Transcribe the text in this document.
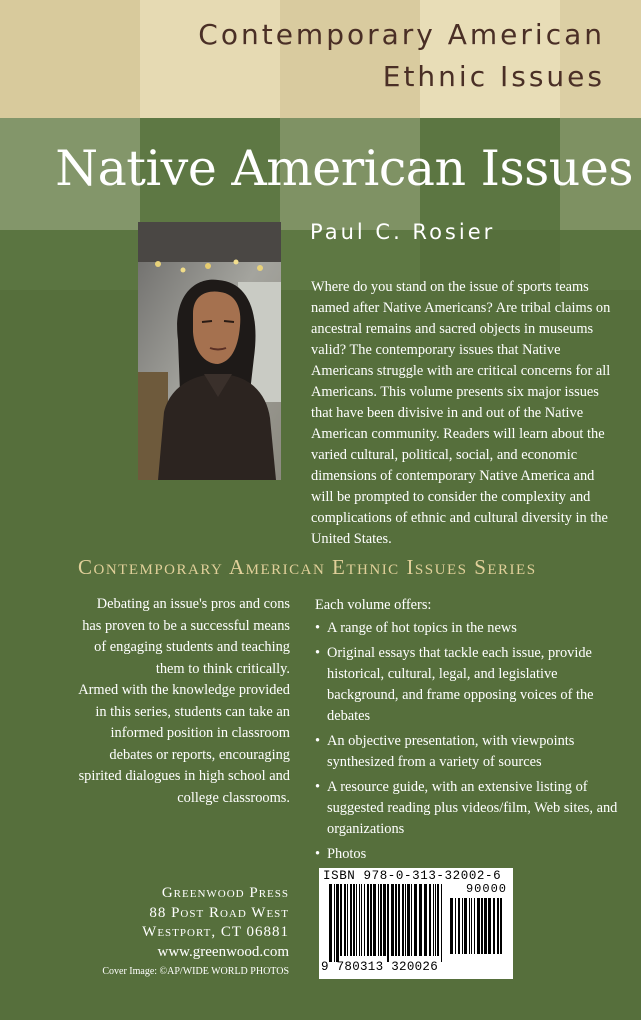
Contemporary American
Ethnic Issues
Native American Issues
Paul C. Rosier

Where do you stand on the issue of sports teams named after Native Americans? Are tribal claims on ancestral remains and sacred objects in museums valid? The contemporary issues that Native Americans struggle with are critical concerns for all Americans. This volume presents six major issues that have been divisive in and out of the Native American community. Readers will learn about the varied cultural, political, social, and economic dimensions of contemporary Native America and will be prompted to consider the complexity and complications of ethnic and cultural diversity in the United States.

Contemporary American Ethnic Issues Series

Debating an issue's pros and cons has proven to be a successful means of engaging students and teaching them to think critically.

Armed with the knowledge provided in this series, students can take an informed position in classroom debates or reports, encouraging spirited dialogues in high school and college classrooms.

Each volume offers:
• A range of hot topics in the news
• Original essays that tackle each issue, provide historical, cultural, legal, and legislative background, and frame opposing voices of the debates
• An objective presentation, with viewpoints synthesized from a variety of sources
• A resource guide, with an extensive listing of suggested reading plus videos/film, Web sites, and organizations
• Photos
Greenwood Press
88 Post Road West
Westport, CT 06881
www.greenwood.com
Cover Image: ©AP/WIDE WORLD PHOTOS
ISBN 978-0-313-32002-6
90000
9 780313 320026
